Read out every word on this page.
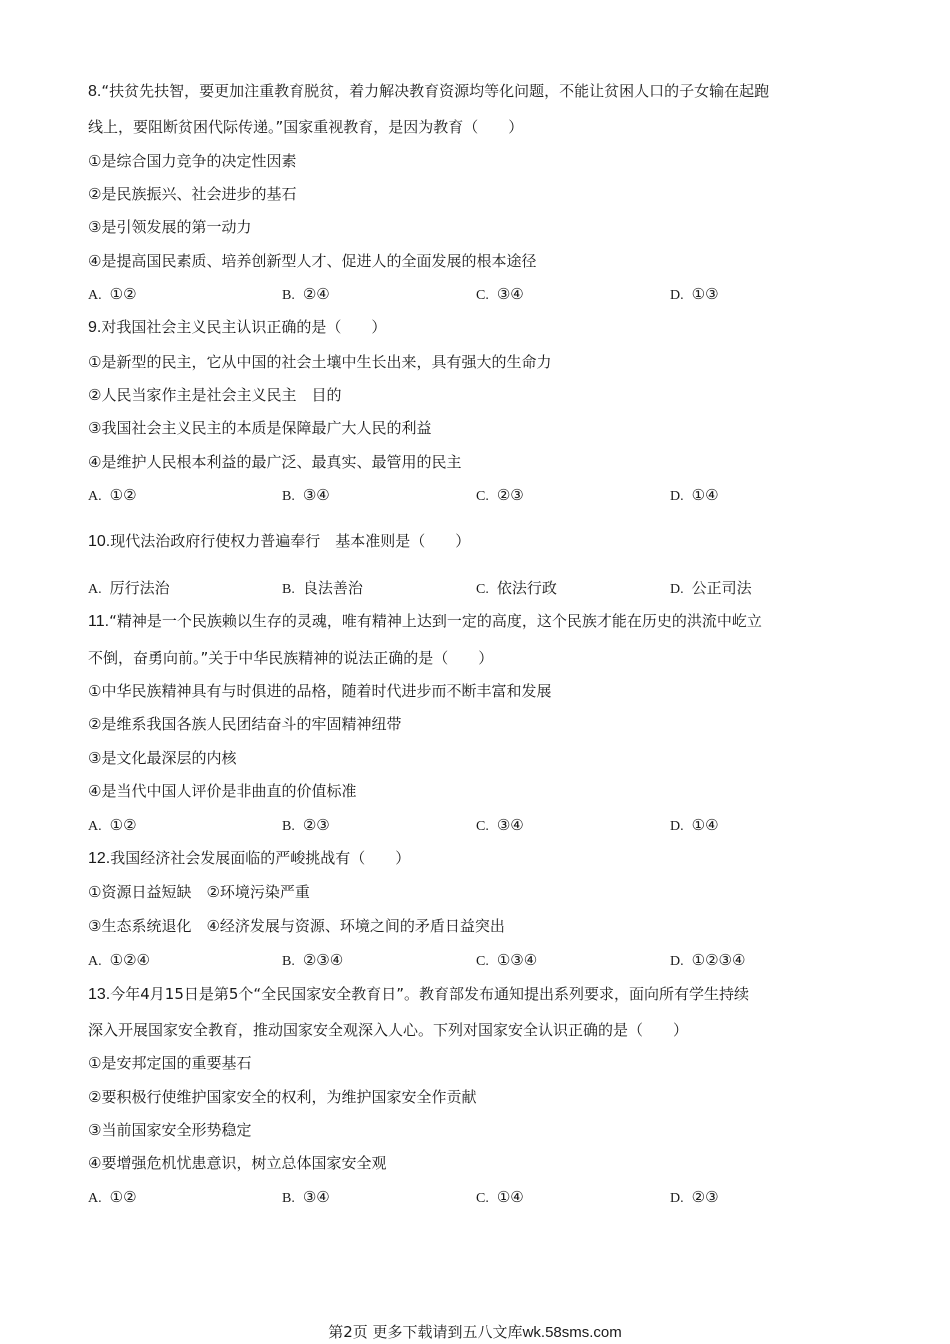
8.“扶贫先扶智，要更加注重教育脱贫，着力解决教育资源均等化问题，不能让贫困人口的子女输在起跑
线上，要阻断贫困代际传递。”国家重视教育，是因为教育（　　）
①是综合国力竞争的决定性因素
②是民族振兴、社会进步的基石
③是引领发展的第一动力
④是提高国民素质、培养创新型人才、促进人的全面发展的根本途径
A. ①②	B. ②④	C. ③④	D. ①③
9.对我国社会主义民主认识正确的是（　　）
①是新型的民主，它从中国的社会土壤中生长出来，具有强大的生命力
②人民当家作主是社会主义民主　目的
③我国社会主义民主的本质是保障最广大人民的利益
④是维护人民根本利益的最广泛、最真实、最管用的民主
A. ①②	B. ③④	C. ②③	D. ①④
10.现代法治政府行使权力普遍奉行　基本准则是（　　）
A. 厉行法治	B. 良法善治	C. 依法行政	D. 公正司法
11.“精神是一个民族赖以生存的灵魂，唯有精神上达到一定的高度，这个民族才能在历史的洪流中屹立
不倒，奋勇向前。”关于中华民族精神的说法正确的是（　　）
①中华民族精神具有与时俱进的品格，随着时代进步而不断丰富和发展
②是维系我国各族人民团结奋斗的牢固精神纽带
③是文化最深层的内核
④是当代中国人评价是非曲直的价值标准
A. ①②	B. ②③	C. ③④	D. ①④
12.我国经济社会发展面临的严峻挑战有（　　）
①资源日益短缺　②环境污染严重
③生态系统退化　④经济发展与资源、环境之间的矛盾日益突出
A. ①②④	B. ②③④	C. ①③④	D. ①②③④
13.今年4月15日是第5个“全民国家安全教育日”。教育部发布通知提出系列要求，面向所有学生持续
深入开展国家安全教育，推动国家安全观深入人心。下列对国家安全认识正确的是（　　）
①是安邦定国的重要基石
②要积极行使维护国家安全的权利，为维护国家安全作贡献
③当前国家安全形势稳定
④要增强危机忧患意识，树立总体国家安全观
A. ①②	B. ③④	C. ①④	D. ②③
第2页 更多下载请到五八文库wk.58sms.com
